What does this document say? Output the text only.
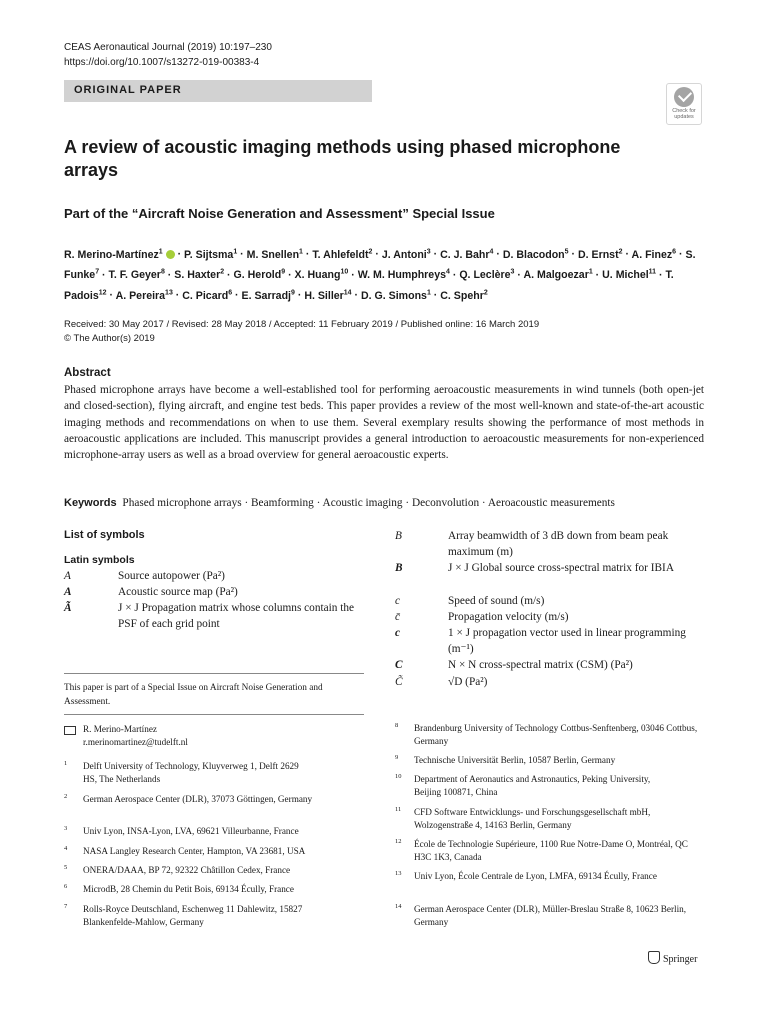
CEAS Aeronautical Journal (2019) 10:197–230
https://doi.org/10.1007/s13272-019-00383-4
ORIGINAL PAPER
Check for
updates
A review of acoustic imaging methods using phased microphone arrays
Part of the “Aircraft Noise Generation and Assessment” Special Issue
R. Merino‑Martínez$^1$  · P. Sijtsma$^1$ · M. Snellen$^1$ · T. Ahlefeldt$^2$ · J. Antoni$^3$ · C. J. Bahr$^4$ · D. Blacodon$^5$ · D. Ernst$^2$ · A. Finez$^6$ · S. Funke$^7$ · T. F. Geyer$^8$ · S. Haxter$^2$ · G. Herold$^9$ · X. Huang$^{10}$ · W. M. Humphreys$^4$ · Q. Leclère$^3$ · A. Malgoezar$^1$ · U. Michel$^{11}$ · T. Padois$^{12}$ · A. Pereira$^{13}$ · C. Picard$^6$ · E. Sarradj$^9$ · H. Siller$^{14}$ · D. G. Simons$^1$ · C. Spehr$^2$
Received: 30 May 2017 / Revised: 28 May 2018 / Accepted: 11 February 2019 / Published online: 16 March 2019
© The Author(s) 2019
Abstract
Phased microphone arrays have become a well-established tool for performing aeroacoustic measurements in wind tunnels (both open-jet and closed-section), flying aircraft, and engine test beds. This paper provides a review of the most well-known and state-of-the-art acoustic imaging methods and recommendations on when to use them. Several exemplary results showing the performance of most methods in aeroacoustic applications are included. This manuscript provides a general introduction to aeroacoustic measurements for non-experienced microphone-array users as well as a broad overview for general aeroacoustic experts.
Keywords Phased microphone arrays · Beamforming · Acoustic imaging · Deconvolution · Aeroacoustic measurements
List of symbols
Latin symbols
A	Source autopower (Pa²)
A	Acoustic source map (Pa²)
Ã	J × J Propagation matrix whose columns contain the PSF of each grid point
B	Array beamwidth of 3 dB down from beam peak maximum (m)
B	J × J Global source cross-spectral matrix for IBIA
c	Speed of sound (m/s)
c̄	Propagation velocity (m/s)
c	1 × J propagation vector used in linear programming (m⁻¹)
C	N × N cross-spectral matrix (CSM) (Pa²)
C̃	√D (Pa²)
This paper is part of a Special Issue on Aircraft Noise Generation and Assessment.
R. Merino‑Martínez
r.merinomartinez@tudelft.nl
1 Delft University of Technology, Kluyverweg 1, Delft 2629 HS, The Netherlands
2 German Aerospace Center (DLR), 37073 Göttingen, Germany
3 Univ Lyon, INSA-Lyon, LVA, 69621 Villeurbanne, France
4 NASA Langley Research Center, Hampton, VA 23681, USA
5 ONERA/DAAA, BP 72, 92322 Châtillon Cedex, France
6 MicrodB, 28 Chemin du Petit Bois, 69134 Écully, France
7 Rolls-Royce Deutschland, Eschenweg 11 Dahlewitz, 15827 Blankenfelde-Mahlow, Germany
8 Brandenburg University of Technology Cottbus-Senftenberg, 03046 Cottbus, Germany
9 Technische Universität Berlin, 10587 Berlin, Germany
10 Department of Aeronautics and Astronautics, Peking University, Beijing 100871, China
11 CFD Software Entwicklungs- und Forschungsgesellschaft mbH, Wolzogenstraße 4, 14163 Berlin, Germany
12 École de Technologie Supérieure, 1100 Rue Notre-Dame O, Montréal, QC H3C 1K3, Canada
13 Univ Lyon, École Centrale de Lyon, LMFA, 69134 Écully, France
14 German Aerospace Center (DLR), Müller-Breslau Straße 8, 10623 Berlin, Germany
Springer
